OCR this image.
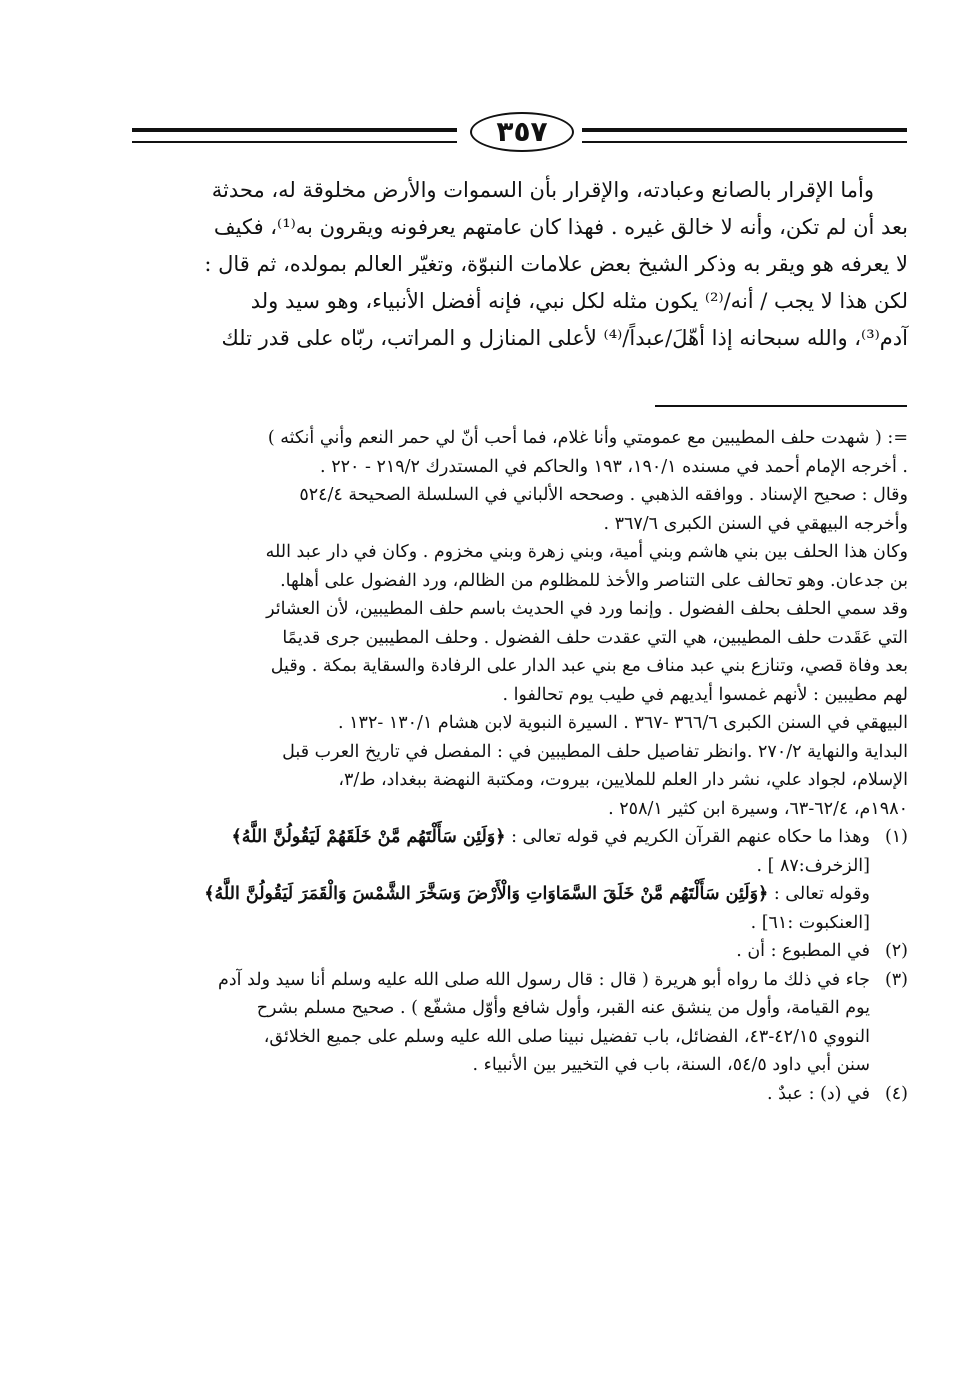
٣٥٧

وأما الإقرار بالصانع وعبادته، والإقرار بأن السموات والأرض مخلوقة له، محدثة

بعد أن لم تكن، وأنه لا خالق غيره . فهذا كان عامتهم يعرفونه ويقرون به⁽¹⁾، فكيف

لا يعرفه هو ويقر به وذكر الشيخ بعض علامات النبوّة، وتغيّر العالم بمولده، ثم قال :

لكن هذا لا يجب / أنه/⁽²⁾ يكون مثله لكل نبي، فإنه أفضل الأنبياء، وهو سيد ولد

آدم⁽³⁾، والله سبحانه إذا أهّلَ/عبداً/⁽⁴⁾ لأعلى المنازل و المراتب، ربّاه على قدر تلك

=: ( شهدت حلف المطيبين مع عمومتي وأنا غلام، فما أحب أنّ لي حمر النعم وأني أنكثه )

. أخرجه الإمام أحمد في مسنده ١٩٠/١، ١٩٣ والحاكم في المستدرك ٢١٩/٢ - ٢٢٠ .

وقال : صحيح الإسناد . ووافقه الذهبي . وصححه الألباني في السلسلة الصحيحة ٥٢٤/٤

وأخرجه البيهقي في السنن الكبرى ٣٦٧/٦ .

وكان هذا الحلف بين بني هاشم وبني أمية، وبني زهرة وبني مخزوم . وكان في دار عبد الله

بن جدعان. وهو تحالف على التناصر والأخذ للمظلوم من الظالم، ورد الفضول على أهلها.

وقد سمي الحلف بحلف الفضول . وإنما ورد في الحديث باسم حلف المطيبين، لأن العشائر

التي عَقَدت حلف المطيبين، هي التي عقدت حلف الفضول . وحلف المطيبين جرى قديمًا

بعد وفاة قصي، وتنازع بني عبد مناف مع بني عبد الدار على الرفادة والسقاية بمكة . وقيل

لهم مطيبين : لأنهم غمسوا أيديهم في طيب يوم تحالفوا .

البيهقي في السنن الكبرى ٣٦٦/٦ -٣٦٧ . السيرة النبوية لابن هشام ١٣٠/١ -١٣٢ .

البداية والنهاية ٢٧٠/٢ .وانظر تفاصيل حلف المطيبين في : المفصل في تاريخ العرب قبل

الإسلام، لجواد علي، نشر دار العلم للملايين، بيروت، ومكتبة النهضة ببغداد، ط/٣،

١٩٨٠م، ٦٢/٤-٦٣، وسيرة ابن كثير ٢٥٨/١ .

(١)

وهذا ما حكاه عنهم القرآن الكريم في قوله تعالى : ﴿وَلَئِن سَأَلْتَهُم مَّنْ خَلَقَهُمْ لَيَقُولُنَّ اللَّهُ﴾

[الزخرف:٨٧ ] .

وقوله تعالى : ﴿وَلَئِن سَأَلْتَهُم مَّنْ خَلَقَ السَّمَاوَاتِ وَالْأَرْضَ وَسَخَّرَ الشَّمْسَ وَالْقَمَرَ لَيَقُولُنَّ اللَّهُ﴾

[العنكبوت :٦١] .

(٢)

في المطبوع : أن .

(٣)

جاء في ذلك ما رواه أبو هريرة ( قال : قال رسول الله صلى الله عليه وسلم أنا سيد ولد آدم

يوم القيامة، وأول من ينشق عنه القبر، وأول شافع وأوّل مشفّع ) . صحيح مسلم بشرح

النووي ٤٢/١٥-٤٣، الفضائل، باب تفضيل نبينا صلى الله عليه وسلم على جميع الخلائق،

سنن أبي داود ٥٤/٥، السنة، باب في التخيير بين الأنبياء .

(٤)

في (د) : عبدٌ .
